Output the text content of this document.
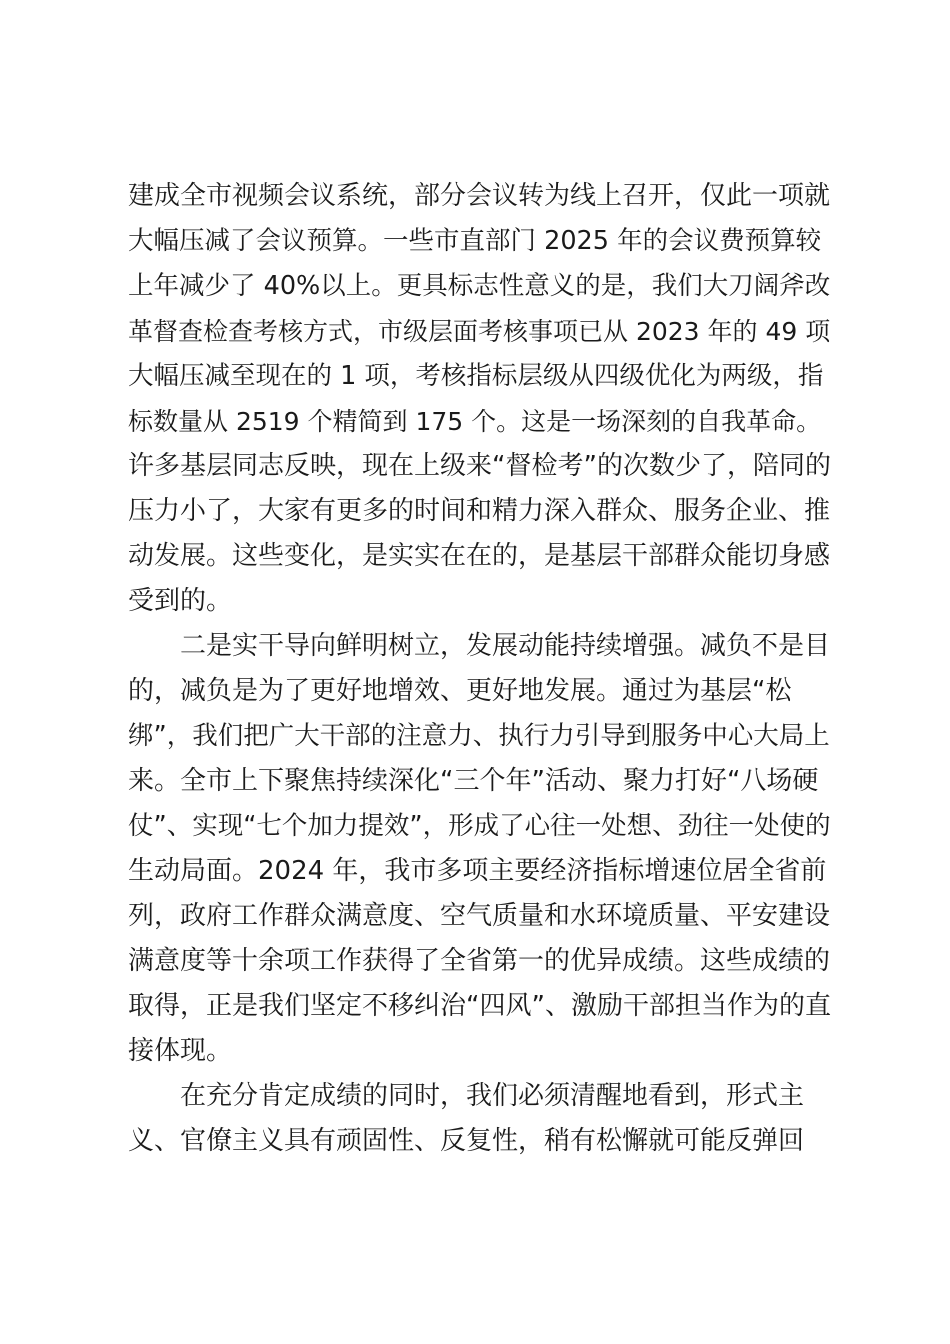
建成全市视频会议系统，部分会议转为线上召开，仅此一项就
大幅压减了会议预算。一些市直部门 2025 年的会议费预算较
上年减少了 40%以上。更具标志性意义的是，我们大刀阔斧改
革督查检查考核方式，市级层面考核事项已从 2023 年的 49 项
大幅压减至现在的 1 项，考核指标层级从四级优化为两级，指
标数量从 2519 个精简到 175 个。这是一场深刻的自我革命。
许多基层同志反映，现在上级来“督检考”的次数少了，陪同的
压力小了，大家有更多的时间和精力深入群众、服务企业、推
动发展。这些变化，是实实在在的，是基层干部群众能切身感
受到的。
二是实干导向鲜明树立，发展动能持续增强。减负不是目
的，减负是为了更好地增效、更好地发展。通过为基层“松
绑”，我们把广大干部的注意力、执行力引导到服务中心大局上
来。全市上下聚焦持续深化“三个年”活动、聚力打好“八场硬
仗”、实现“七个加力提效”，形成了心往一处想、劲往一处使的
生动局面。2024 年，我市多项主要经济指标增速位居全省前
列，政府工作群众满意度、空气质量和水环境质量、平安建设
满意度等十余项工作获得了全省第一的优异成绩。这些成绩的
取得，正是我们坚定不移纠治“四风”、激励干部担当作为的直
接体现。
在充分肯定成绩的同时，我们必须清醒地看到，形式主
义、官僚主义具有顽固性、反复性，稍有松懈就可能反弹回
